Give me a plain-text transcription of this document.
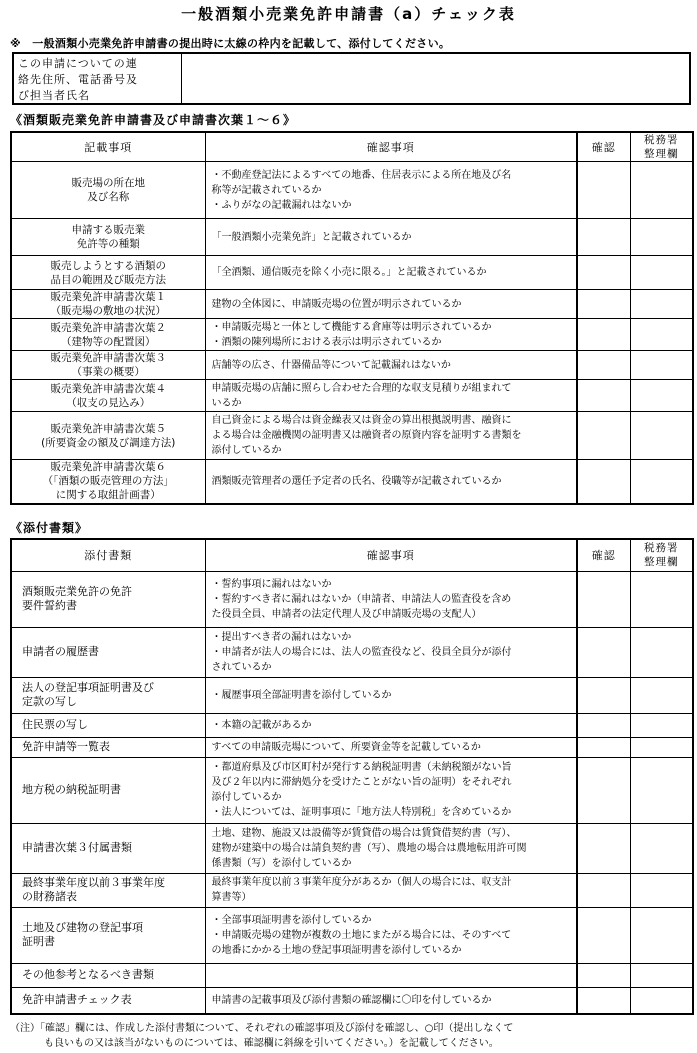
一般酒類小売業免許申請書（a）チェック表
※　一般酒類小売業免許申請書の提出時に太線の枠内を記載して、添付してください。
この申請についての連
絡先住所、電話番号及
び担当者氏名
《酒類販売業免許申請書及び申請書次葉１～６》
記載事項	確認事項	確認	税務署
整理欄

販売場の所在地
及び名称	・不動産登記法によるすべての地番、住居表示による所在地及び名
称等が記載されているか
・ふりがなの記載漏れはないか		

申請する販売業
免許等の種類	「一般酒類小売業免許」と記載されているか		

販売しようとする酒類の
品目の範囲及び販売方法	「全酒類、通信販売を除く小売に限る。」と記載されているか		

販売業免許申請書次葉１
（販売場の敷地の状況）	建物の全体図に、申請販売場の位置が明示されているか		

販売業免許申請書次葉２
（建物等の配置図）	・申請販売場と一体として機能する倉庫等は明示されているか
・酒類の陳列場所における表示は明示されているか		

販売業免許申請書次葉３
（事業の概要）	店舗等の広さ、什器備品等について記載漏れはないか		

販売業免許申請書次葉４
（収支の見込み）	申請販売場の店舗に照らし合わせた合理的な収支見積りが組まれて
いるか		

販売業免許申請書次葉５
(所要資金の額及び調達方法)	自己資金による場合は資金繰表又は資金の算出根拠説明書、融資に
よる場合は金融機関の証明書又は融資者の原資内容を証明する書類を
添付しているか		

販売業免許申請書次葉６
（「酒類の販売管理の方法」
に関する取組計画書）	酒類販売管理者の選任予定者の氏名、役職等が記載されているか		

《添付書類》
添付書類	確認事項	確認	税務署
整理欄

酒類販売業免許の免許
要件誓約書	・誓約事項に漏れはないか
・誓約すべき者に漏れはないか（申請者、申請法人の監査役を含め
た役員全員、申請者の法定代理人及び申請販売場の支配人）		

申請者の履歴書	・提出すべき者の漏れはないか
・申請者が法人の場合には、法人の監査役など、役員全員分が添付
されているか		

法人の登記事項証明書及び
定款の写し	・履歴事項全部証明書を添付しているか		

住民票の写し	・本籍の記載があるか		

免許申請等一覧表	すべての申請販売場について、所要資金等を記載しているか		

地方税の納税証明書	・都道府県及び市区町村が発行する納税証明書（未納税額がない旨
及び２年以内に滞納処分を受けたことがない旨の証明）をそれぞれ
添付しているか
・法人については、証明事項に「地方法人特別税」を含めているか		

申請書次葉３付属書類	土地、建物、施設又は設備等が賃貸借の場合は賃貸借契約書（写）、
建物が建築中の場合は請負契約書（写）、農地の場合は農地転用許可関
係書類（写）を添付しているか		

最終事業年度以前３事業年度
の財務諸表	最終事業年度以前３事業年度分があるか（個人の場合には、収支計
算書等）		

土地及び建物の登記事項
証明書	・全部事項証明書を添付しているか
・申請販売場の建物が複数の土地にまたがる場合には、そのすべて
の地番にかかる土地の登記事項証明書を添付しているか		

その他参考となるべき書類			

免許申請書チェック表	申請書の記載事項及び添付書類の確認欄に〇印を付しているか		

（注）「確認」欄には、作成した添付書類について、それぞれの確認事項及び添付を確認し、○印（提出しなくて
も良いもの又は該当がないものについては、確認欄に斜線を引いてください。）を記載してください。
